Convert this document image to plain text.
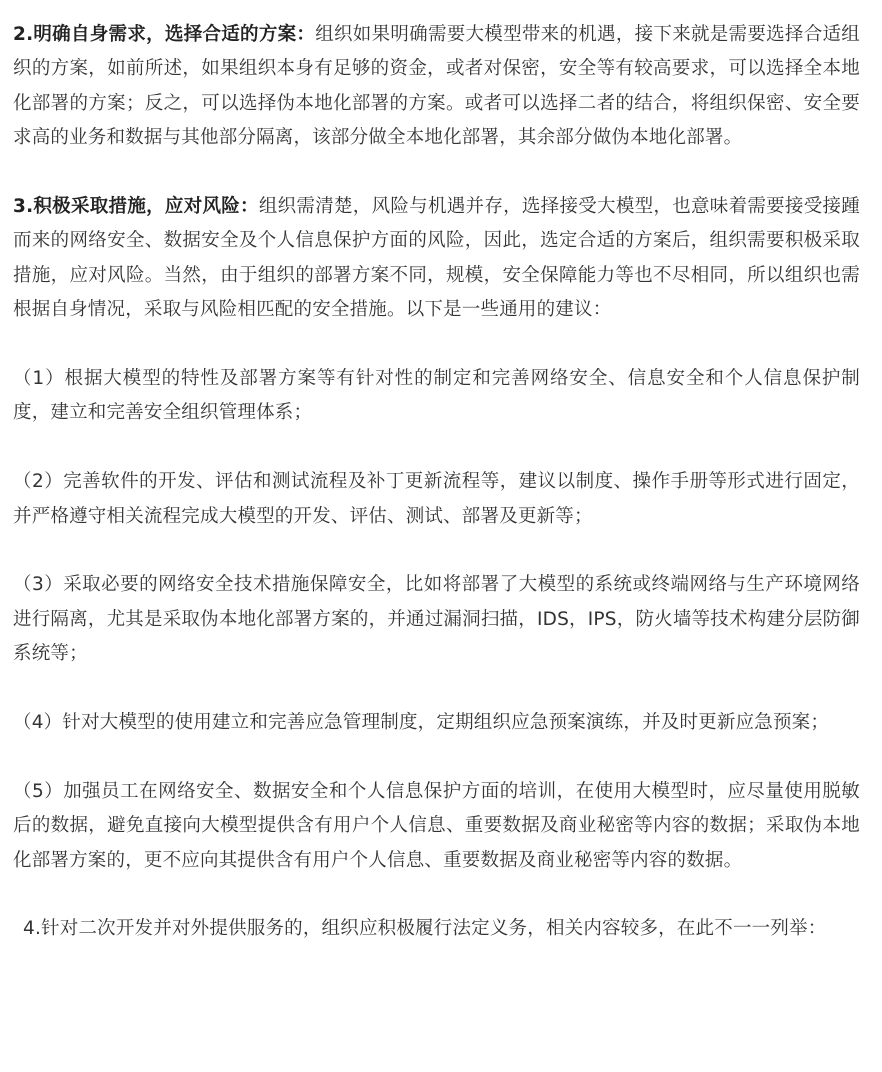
2.明确自身需求，选择合适的方案：组织如果明确需要大模型带来的机遇，接下来就是需要选择合适组织的方案，如前所述，如果组织本身有足够的资金，或者对保密，安全等有较高要求，可以选择全本地化部署的方案；反之，可以选择伪本地化部署的方案。或者可以选择二者的结合，将组织保密、安全要求高的业务和数据与其他部分隔离，该部分做全本地化部署，其余部分做伪本地化部署。

3.积极采取措施，应对风险：组织需清楚，风险与机遇并存，选择接受大模型，也意味着需要接受接踵而来的网络安全、数据安全及个人信息保护方面的风险，因此，选定合适的方案后，组织需要积极采取措施，应对风险。当然，由于组织的部署方案不同，规模，安全保障能力等也不尽相同，所以组织也需根据自身情况，采取与风险相匹配的安全措施。以下是一些通用的建议：

（1）根据大模型的特性及部署方案等有针对性的制定和完善网络安全、信息安全和个人信息保护制度，建立和完善安全组织管理体系；

（2）完善软件的开发、评估和测试流程及补丁更新流程等，建议以制度、操作手册等形式进行固定，并严格遵守相关流程完成大模型的开发、评估、测试、部署及更新等；

（3）采取必要的网络安全技术措施保障安全，比如将部署了大模型的系统或终端网络与生产环境网络进行隔离，尤其是采取伪本地化部署方案的，并通过漏洞扫描，IDS，IPS，防火墙等技术构建分层防御系统等；

（4）针对大模型的使用建立和完善应急管理制度，定期组织应急预案演练，并及时更新应急预案；

（5）加强员工在网络安全、数据安全和个人信息保护方面的培训，在使用大模型时，应尽量使用脱敏后的数据，避免直接向大模型提供含有用户个人信息、重要数据及商业秘密等内容的数据；采取伪本地化部署方案的，更不应向其提供含有用户个人信息、重要数据及商业秘密等内容的数据。

4.针对二次开发并对外提供服务的，组织应积极履行法定义务，相关内容较多，在此不一一列举：
